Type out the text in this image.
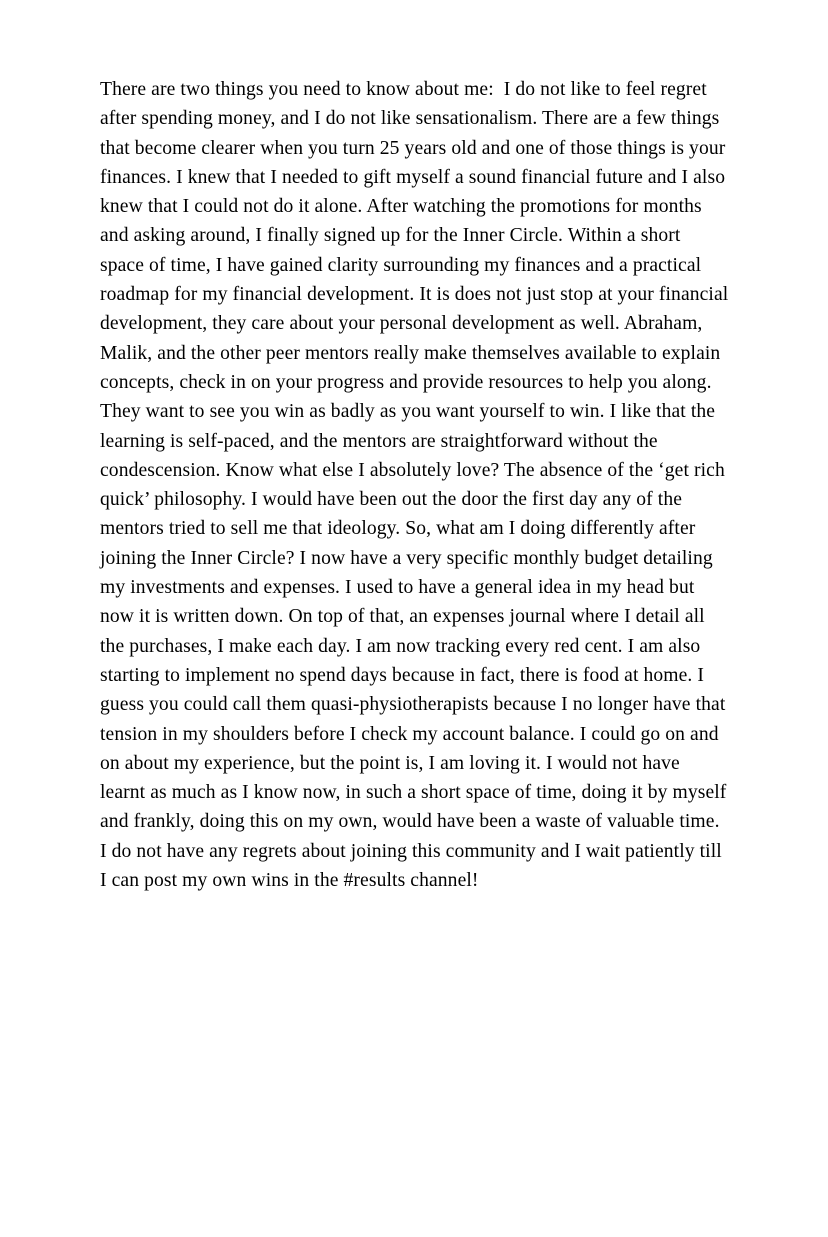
There are two things you need to know about me:  I do not like to feel regret after spending money, and I do not like sensationalism. There are a few things that become clearer when you turn 25 years old and one of those things is your finances. I knew that I needed to gift myself a sound financial future and I also knew that I could not do it alone. After watching the promotions for months and asking around, I finally signed up for the Inner Circle. Within a short space of time, I have gained clarity surrounding my finances and a practical roadmap for my financial development. It is does not just stop at your financial development, they care about your personal development as well. Abraham, Malik, and the other peer mentors really make themselves available to explain concepts, check in on your progress and provide resources to help you along. They want to see you win as badly as you want yourself to win. I like that the learning is self-paced, and the mentors are straightforward without the condescension. Know what else I absolutely love? The absence of the ‘get rich quick’ philosophy. I would have been out the door the first day any of the mentors tried to sell me that ideology. So, what am I doing differently after joining the Inner Circle? I now have a very specific monthly budget detailing my investments and expenses. I used to have a general idea in my head but now it is written down. On top of that, an expenses journal where I detail all the purchases, I make each day. I am now tracking every red cent. I am also starting to implement no spend days because in fact, there is food at home. I guess you could call them quasi-physiotherapists because I no longer have that tension in my shoulders before I check my account balance. I could go on and on about my experience, but the point is, I am loving it. I would not have learnt as much as I know now, in such a short space of time, doing it by myself and frankly, doing this on my own, would have been a waste of valuable time. I do not have any regrets about joining this community and I wait patiently till I can post my own wins in the #results channel!
